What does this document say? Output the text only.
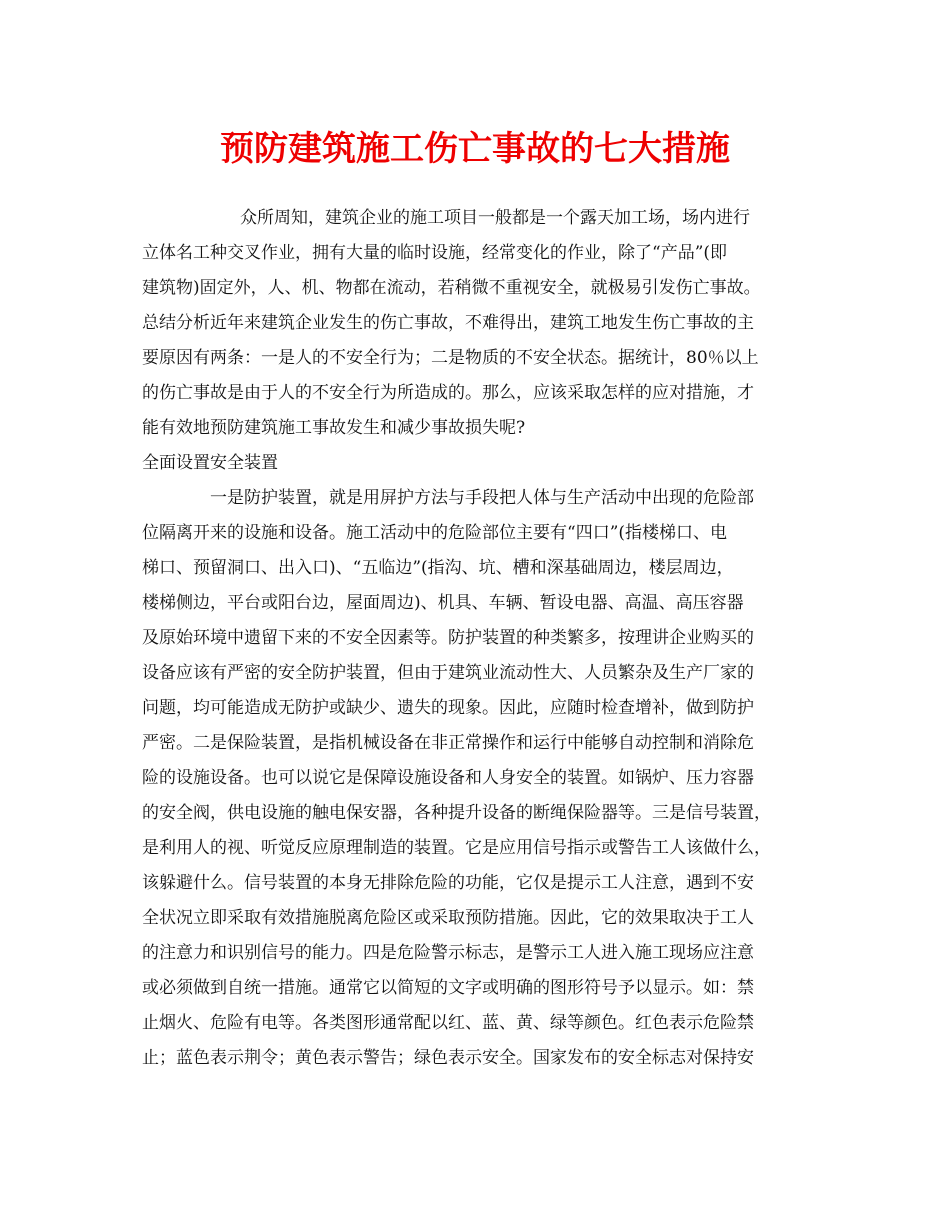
预防建筑施工伤亡事故的七大措施

众所周知，建筑企业的施工项目一般都是一个露天加工场，场内进行

立体名工种交叉作业，拥有大量的临时设施，经常变化的作业，除了“产品”(即

建筑物)固定外，人、机、物都在流动，若稍微不重视安全，就极易引发伤亡事故。

总结分析近年来建筑企业发生的伤亡事故，不难得出，建筑工地发生伤亡事故的主

要原因有两条：一是人的不安全行为；二是物质的不安全状态。据统计，80％以上

的伤亡事故是由于人的不安全行为所造成的。那么，应该采取怎样的应对措施，才

能有效地预防建筑施工事故发生和减少事故损失呢?

全面设置安全装置

一是防护装置，就是用屏护方法与手段把人体与生产活动中出现的危险部

位隔离开来的设施和设备。施工活动中的危险部位主要有“四口”(指楼梯口、电

梯口、预留洞口、出入口)、“五临边”(指沟、坑、槽和深基础周边，楼层周边，

楼梯侧边，平台或阳台边，屋面周边)、机具、车辆、暂设电器、高温、高压容器

及原始环境中遗留下来的不安全因素等。防护装置的种类繁多，按理讲企业购买的

设备应该有严密的安全防护装置，但由于建筑业流动性大、人员繁杂及生产厂家的

问题，均可能造成无防护或缺少、遗失的现象。因此，应随时检查增补，做到防护

严密。二是保险装置，是指机械设备在非正常操作和运行中能够自动控制和消除危

险的设施设备。也可以说它是保障设施设备和人身安全的装置。如锅炉、压力容器

的安全阀，供电设施的触电保安器，各种提升设备的断绳保险器等。三是信号装置，

是利用人的视、听觉反应原理制造的装置。它是应用信号指示或警告工人该做什么，

该躲避什么。信号装置的本身无排除危险的功能，它仅是提示工人注意，遇到不安

全状况立即采取有效措施脱离危险区或采取预防措施。因此，它的效果取决于工人

的注意力和识别信号的能力。四是危险警示标志，是警示工人进入施工现场应注意

或必须做到自统一措施。通常它以简短的文字或明确的图形符号予以显示。如：禁

止烟火、危险有电等。各类图形通常配以红、蓝、黄、绿等颜色。红色表示危险禁

止；蓝色表示荆令；黄色表示警告；绿色表示安全。国家发布的安全标志对保持安
